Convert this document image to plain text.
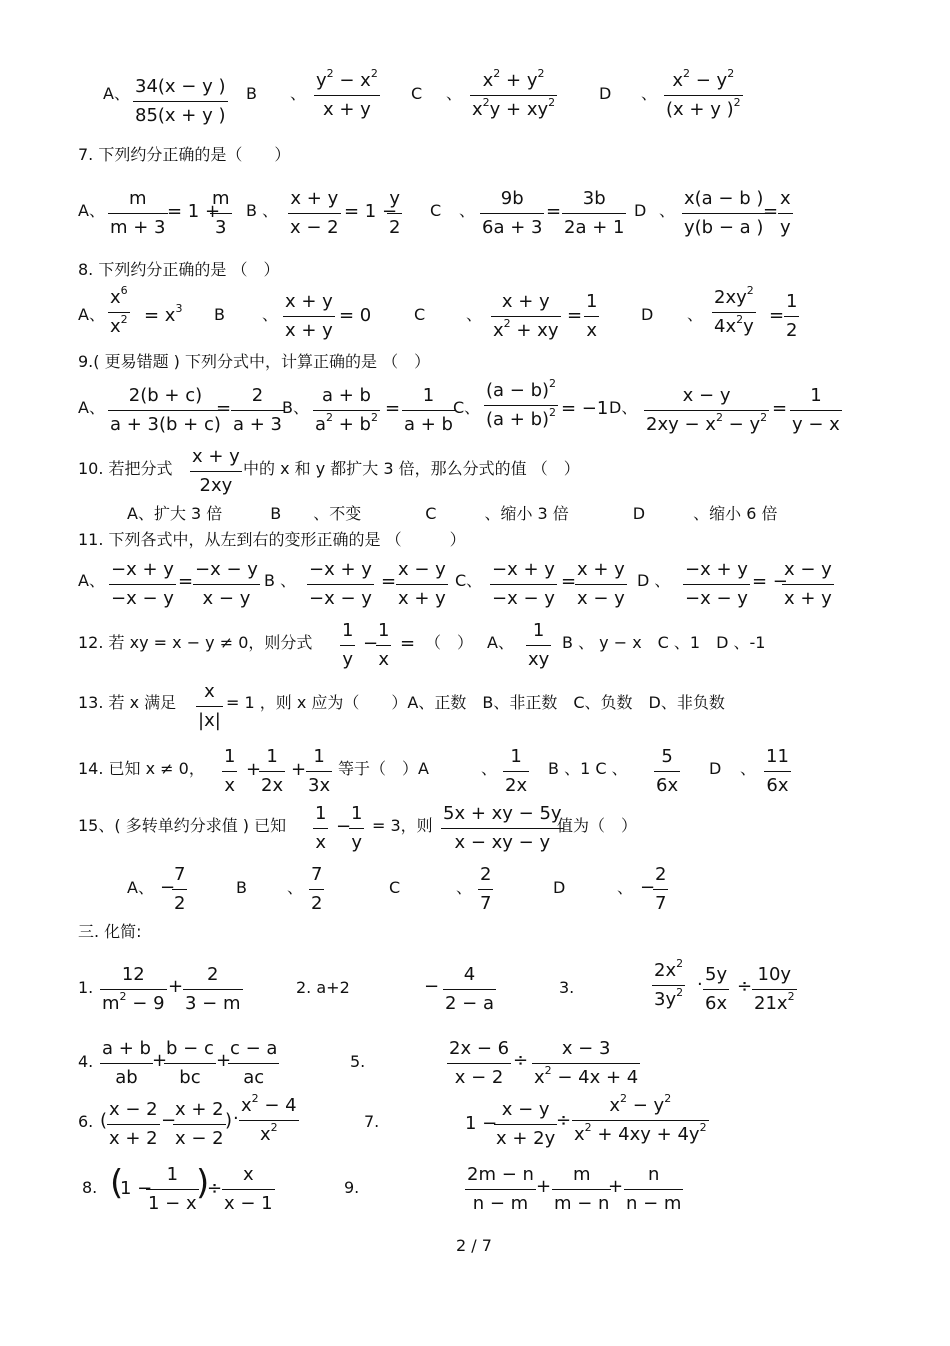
A、 34(x − y )
85(x + y )
B 、
$y^2 - x^2$
x + y
C 、
$x^2 + y^2$
$x^2y + xy^2$	D 、
$x^2 - y^2$
(x + y )$^2$
7. 下列约分正确的是（　　）
A、
m
m + 3
= 1 +
m
3
B 、
x + y
x − 2
= 1 −
y
2
C 、
9b
6a + 3
=
3b
2a + 1
D 、
x(a − b )
y(b − a )
=
x
y
8. 下列约分正确的是 （　）
A、
$x^6$
$x^2 = x^3$ B 、
x + y
x + y
= 0	C	、
x + y
$x^2$ + xy
=
1
x
D 、
$2xy^2$
$4x^2y$
=
1
2
9.( 更易错题 ) 下列分式中，计算正确的是 （　）
A、
2(b + c)
a + 3(b + c)
=
2
a + 3
B、
a + b
$a^2 + b^2$ =
1
a + b
C、
$(a - b)^2$
$(a + b)^2 = -1$ D、
x − y
$2xy - x^2 - y^2$ =
1
y − x
10. 若把分式
x + y
2xy
中的 x 和 y 都扩大 3 倍，那么分式的值 （　）
A、扩大 3 倍　　　B　　、不变　　　　C　　　、缩小 3 倍　　　　D　　　、缩小 6 倍
11. 下列各式中，从左到右的变形正确的是 （　　　）
A、
−x + y
−x − y
=
−x − y
x − y
B 、
−x + y
−x − y
=
x − y
x + y
C、
−x + y
−x − y
=
x + y
x − y
D 、
−x + y
−x − y
= −
x − y
x + y
12. 若 xy = x − y ≠ 0，则分式
1
y
−
1
x
= （　） A、
1
xy
B 、 y − x　C 、1　D 、-1
13. 若 x 满足
x
|x|
= 1 ，则 x 应为（　　）A、正数　B、非正数　C、负数　D、非负数
14. 已知 x ≠ 0，
1
x
+
1
2x
+
1
3x
等于（　）A	、
1
2x
B 、1 C 、
5
6x
D 、
11
6x
15、( 多转单约分求值 ) 已知
1
x
−
1
y
= 3，则
5x + xy − 5y
x − xy − y
值为（　）
A、 −
7
2
B	、
7
2
C	、
2
7
D	、 −
2
7
三. 化简:
1.
12
$m^2 - 9$
+
2
3 − m
2. a+2	−
4
2 − a
3.
$2x^2$
$3y^2 \cdot 5y$
6x
÷
10y
$21x^2$
4.
a + b
ab
+
b − c
bc
+
c − a
ac
5.
2x − 6
x − 2
÷
x − 3
$x^2 - 4x + 4$
6. (
x − 2
x + 2
−
x + 2
x − 2
) ·
$x^2 - 4$
$x^2$	7.	1 −
x − y
x + 2y
÷
$x^2 - y^2$
$x^2 + 4xy + 4y^2$
8. (
1 −
1
1 − x
)
÷
x
x − 1
9.
2m − n
n − m
+
m
m − n
+
n
n − m
2 / 7
